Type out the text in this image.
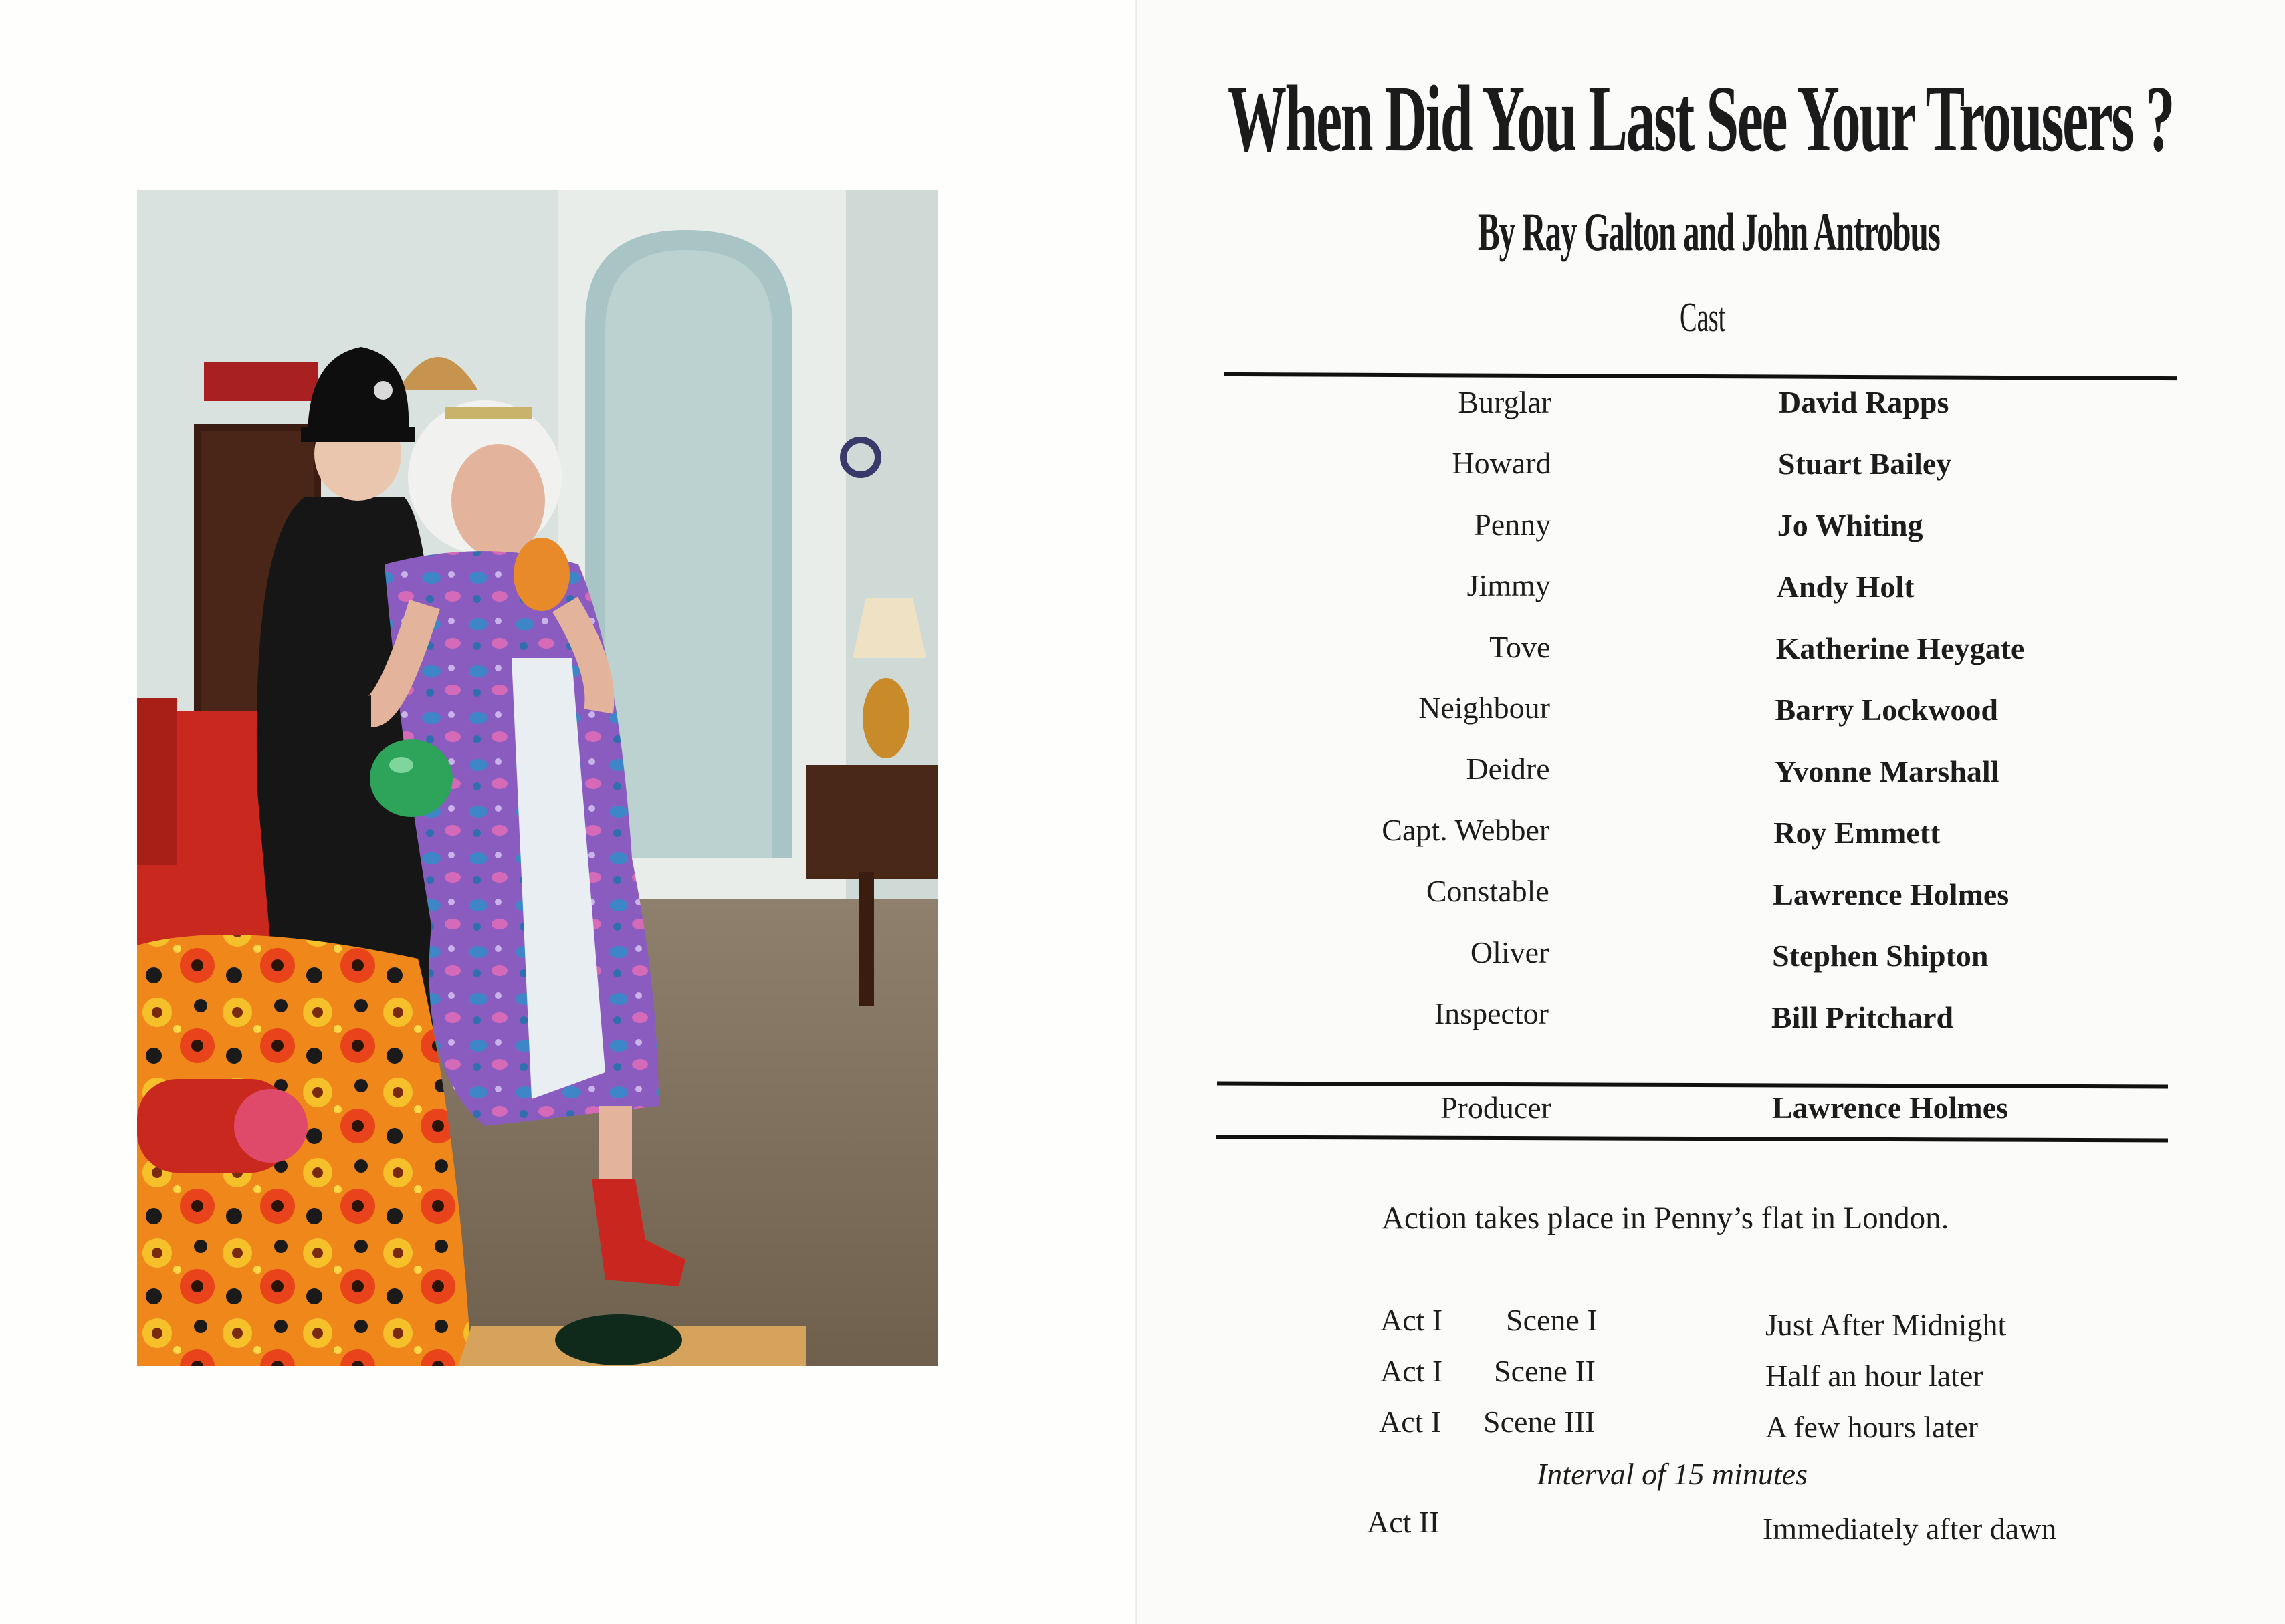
When Did You Last See Your Trousers ?
By Ray Galton and John Antrobus
Cast
Burglar	David Rapps
Howard	Stuart Bailey
Penny	Jo Whiting
Jimmy	Andy Holt
Tove	Katherine Heygate
Neighbour	Barry Lockwood
Deidre	Yvonne Marshall
Capt. Webber	Roy Emmett
Constable	Lawrence Holmes
Oliver	Stephen Shipton
Inspector	Bill Pritchard
Producer	Lawrence Holmes
Action takes place in Penny’s flat in London.
Act I Scene I	Just After Midnight
Act I Scene II	Half an hour later
Act I Scene III	A few hours later
Interval of 15 minutes
Act II	Immediately after dawn
